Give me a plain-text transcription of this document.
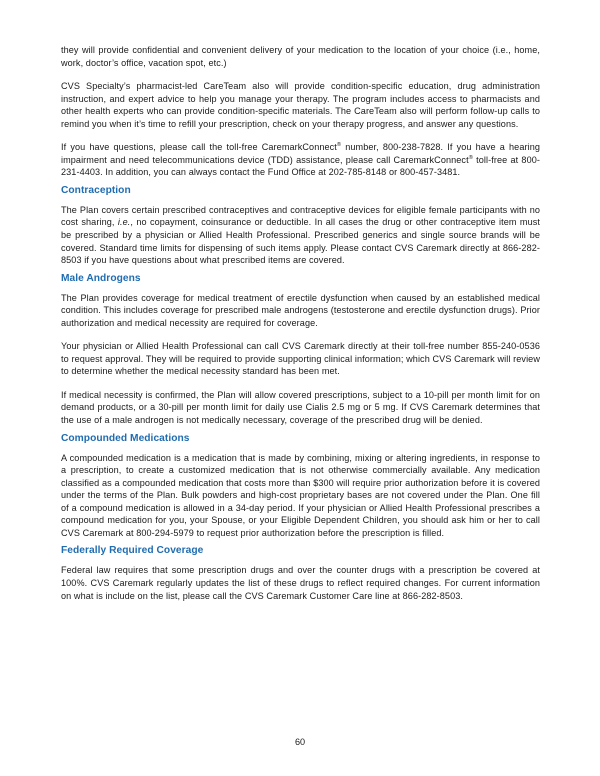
they will provide confidential and convenient delivery of your medication to the location of your choice (i.e., home, work, doctor’s office, vacation spot, etc.)

CVS Specialty’s pharmacist-led CareTeam also will provide condition-specific education, drug administration instruction, and expert advice to help you manage your therapy. The program includes access to pharmacists and other health experts who can provide condition-specific materials. The CareTeam also will perform follow-up calls to remind you when it’s time to refill your prescription, check on your therapy progress, and answer any questions.

If you have questions, please call the toll-free CaremarkConnect® number, 800-238-7828. If you have a hearing impairment and need telecommunications device (TDD) assistance, please call CaremarkConnect® toll-free at 800-231-4403. In addition, you can always contact the Fund Office at 202-785-8148 or 800-457-3481.

Contraception

The Plan covers certain prescribed contraceptives and contraceptive devices for eligible female participants with no cost sharing, i.e., no copayment, coinsurance or deductible. In all cases the drug or other contraceptive item must be prescribed by a physician or Allied Health Professional. Prescribed generics and single source brands will be covered. Standard time limits for dispensing of such items apply. Please contact CVS Caremark directly at 866-282-8503 if you have questions about what prescribed items are covered.

Male Androgens

The Plan provides coverage for medical treatment of erectile dysfunction when caused by an established medical condition. This includes coverage for prescribed male androgens (testosterone and erectile dysfunction drugs). Prior authorization and medical necessity are required for coverage.

Your physician or Allied Health Professional can call CVS Caremark directly at their toll-free number 855-240-0536 to request approval. They will be required to provide supporting clinical information; which CVS Caremark will review to determine whether the medical necessity standard has been met.

If medical necessity is confirmed, the Plan will allow covered prescriptions, subject to a 10-pill per month limit for on demand products, or a 30-pill per month limit for daily use Cialis 2.5 mg or 5 mg. If CVS Caremark determines that the use of a male androgen is not medically necessary, coverage of the prescribed drug will be denied.

Compounded Medications

A compounded medication is a medication that is made by combining, mixing or altering ingredients, in response to a prescription, to create a customized medication that is not otherwise commercially available. Any medication classified as a compounded medication that costs more than $300 will require prior authorization before it is covered under the terms of the Plan. Bulk powders and high-cost proprietary bases are not covered under the Plan. One fill of a compound medication is allowed in a 34-day period. If your physician or Allied Health Professional prescribes a compound medication for you, your Spouse, or your Eligible Dependent Children, you should ask him or her to call CVS Caremark at 800-294-5979 to request prior authorization before the prescription is filled.

Federally Required Coverage

Federal law requires that some prescription drugs and over the counter drugs with a prescription be covered at 100%. CVS Caremark regularly updates the list of these drugs to reflect required changes. For current information on what is include on the list, please call the CVS Caremark Customer Care line at 866-282-8503.

60
